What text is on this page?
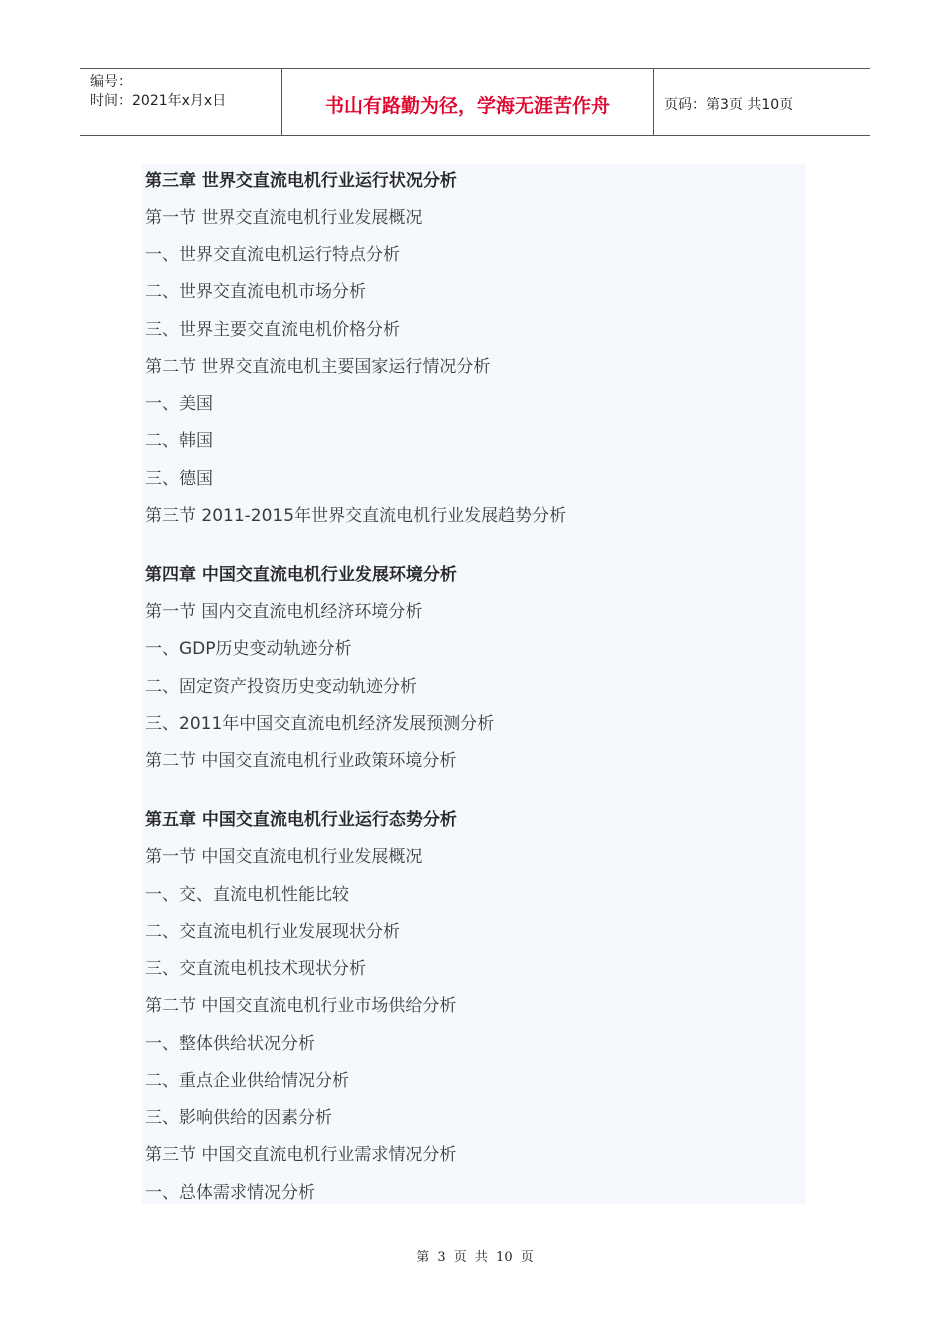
编号：
时间：2021年x月x日	书山有路勤为径，学海无涯苦作舟	页码：第3页 共10页
第三章 世界交直流电机行业运行状况分析
第一节 世界交直流电机行业发展概况
一、世界交直流电机运行特点分析
二、世界交直流电机市场分析
三、世界主要交直流电机价格分析
第二节 世界交直流电机主要国家运行情况分析
一、美国
二、韩国
三、德国
第三节 2011-2015年世界交直流电机行业发展趋势分析
第四章 中国交直流电机行业发展环境分析
第一节 国内交直流电机经济环境分析
一、GDP历史变动轨迹分析
二、固定资产投资历史变动轨迹分析
三、2011年中国交直流电机经济发展预测分析
第二节 中国交直流电机行业政策环境分析
第五章 中国交直流电机行业运行态势分析
第一节 中国交直流电机行业发展概况
一、交、直流电机性能比较
二、交直流电机行业发展现状分析
三、交直流电机技术现状分析
第二节 中国交直流电机行业市场供给分析
一、整体供给状况分析
二、重点企业供给情况分析
三、影响供给的因素分析
第三节 中国交直流电机行业需求情况分析
一、总体需求情况分析
第 3 页 共 10 页
